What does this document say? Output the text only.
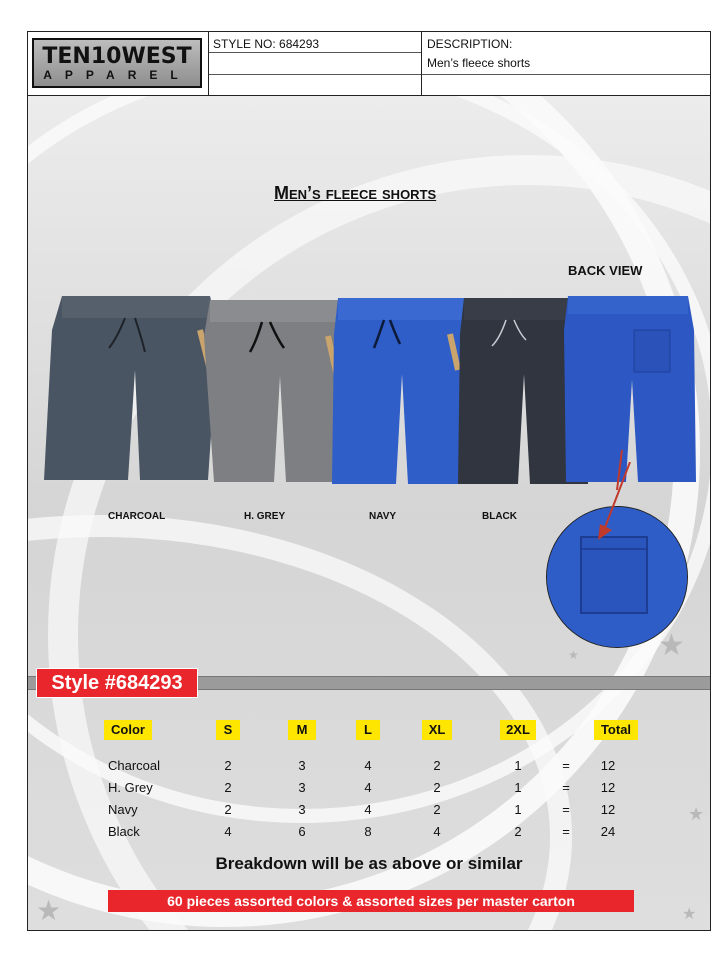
TEN10WEST
APPAREL
STYLE NO: 684293	DESCRIPTION:
Men’s fleece shorts
Men’s fleece shorts
BACK VIEW
CHARCOAL	H. GREY	NAVY	BLACK
★
★
★
★	★
Style #684293
Color	S	M	L	XL	2XL	Total
Charcoal	2	3	4	2	1	=	12
H. Grey	2	3	4	2	1	=	12
Navy	2	3	4	2	1	=	12
Black	4	6	8	4	2	=	24
Breakdown will be as above or similar
60 pieces assorted colors & assorted sizes per master carton
